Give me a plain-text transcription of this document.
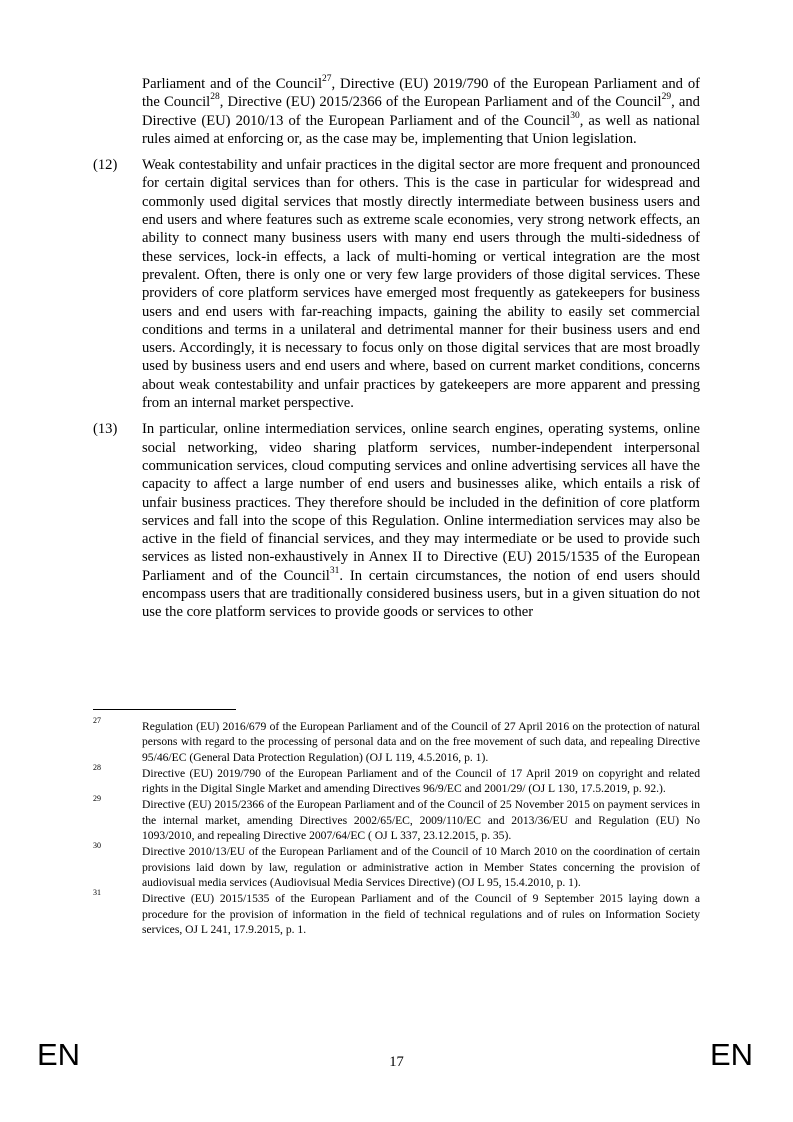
Parliament and of the Council$^{27}$, Directive (EU) 2019/790 of the European Parliament and of the Council$^{28}$, Directive (EU) 2015/2366 of the European Parliament and of the Council$^{29}$, and Directive (EU) 2010/13 of the European Parliament and of the Council$^{30}$, as well as national rules aimed at enforcing or, as the case may be, implementing that Union legislation.
(12) Weak contestability and unfair practices in the digital sector are more frequent and pronounced for certain digital services than for others. This is the case in particular for widespread and commonly used digital services that mostly directly intermediate between business users and end users and where features such as extreme scale economies, very strong network effects, an ability to connect many business users with many end users through the multi-sidedness of these services, lock-in effects, a lack of multi-homing or vertical integration are the most prevalent. Often, there is only one or very few large providers of those digital services. These providers of core platform services have emerged most frequently as gatekeepers for business users and end users with far-reaching impacts, gaining the ability to easily set commercial conditions and terms in a unilateral and detrimental manner for their business users and end users. Accordingly, it is necessary to focus only on those digital services that are most broadly used by business users and end users and where, based on current market conditions, concerns about weak contestability and unfair practices by gatekeepers are more apparent and pressing from an internal market perspective.
(13) In particular, online intermediation services, online search engines, operating systems, online social networking, video sharing platform services, number-independent interpersonal communication services, cloud computing services and online advertising services all have the capacity to affect a large number of end users and businesses alike, which entails a risk of unfair business practices. They therefore should be included in the definition of core platform services and fall into the scope of this Regulation. Online intermediation services may also be active in the field of financial services, and they may intermediate or be used to provide such services as listed non-exhaustively in Annex II to Directive (EU) 2015/1535 of the European Parliament and of the Council$^{31}$. In certain circumstances, the notion of end users should encompass users that are traditionally considered business users, but in a given situation do not use the core platform services to provide goods or services to other
27	Regulation (EU) 2016/679 of the European Parliament and of the Council of 27 April 2016 on the protection of natural persons with regard to the processing of personal data and on the free movement of such data, and repealing Directive 95/46/EC (General Data Protection Regulation) (OJ L 119, 4.5.2016, p. 1).
28	Directive (EU) 2019/790 of the European Parliament and of the Council of 17 April 2019 on copyright and related rights in the Digital Single Market and amending Directives 96/9/EC and 2001/29/ (OJ L 130, 17.5.2019, p. 92.).
29	Directive (EU) 2015/2366 of the European Parliament and of the Council of 25 November 2015 on payment services in the internal market, amending Directives 2002/65/EC, 2009/110/EC and 2013/36/EU and Regulation (EU) No 1093/2010, and repealing Directive 2007/64/EC ( OJ L 337, 23.12.2015, p. 35).
30	Directive 2010/13/EU of the European Parliament and of the Council of 10 March 2010 on the coordination of certain provisions laid down by law, regulation or administrative action in Member States concerning the provision of audiovisual media services (Audiovisual Media Services Directive) (OJ L 95, 15.4.2010, p. 1).
31	Directive (EU) 2015/1535 of the European Parliament and of the Council of 9 September 2015 laying down a procedure for the provision of information in the field of technical regulations and of rules on Information Society services, OJ L 241, 17.9.2015, p. 1.
EN	17	EN
